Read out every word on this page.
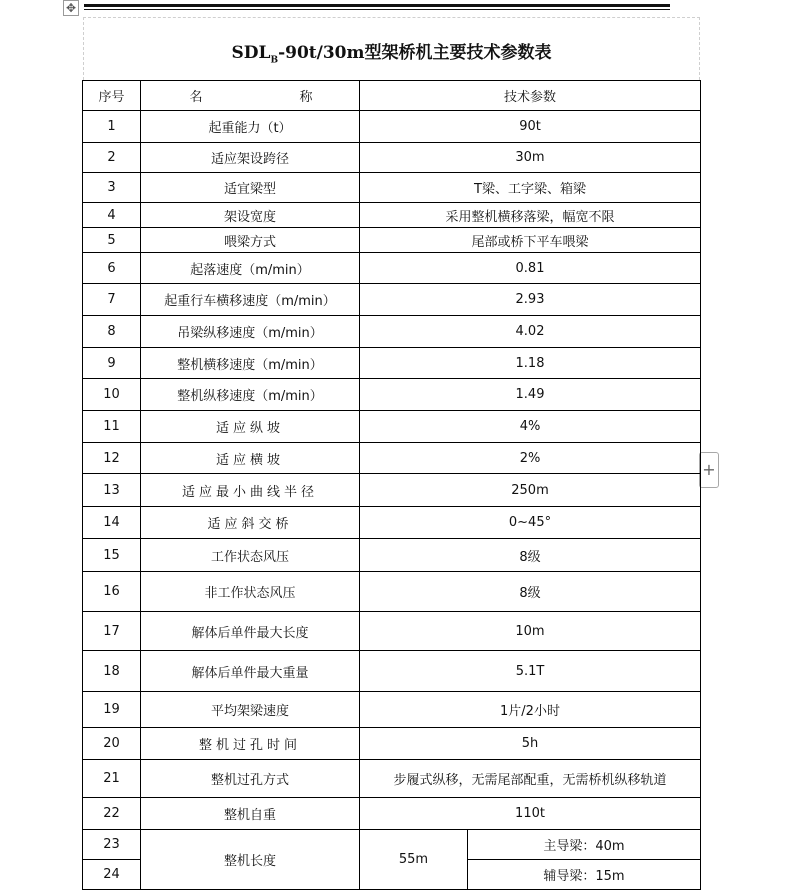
✥
$SDL_B-90t/30m$型架桥机主要技术参数表
+
序号	名 称	技术参数	
1	起重能力（t）	90t	
2	适应架设跨径	30m	
3	适宜梁型	T梁、工字梁、箱梁	
4	架设宽度	采用整机横移落梁，幅宽不限	
5	喂梁方式	尾部或桥下平车喂梁	
6	起落速度（m/min）	0.81	
7	起重行车横移速度（m/min）	2.93	
8	吊梁纵移速度（m/min）	4.02	
9	整机横移速度（m/min）	1.18	
10	整机纵移速度（m/min）	1.49	
11	适应纵坡	4%	
12	适应横坡	2%	
13	适应最小曲线半径	250m	
14	适应斜交桥	0~45°	
15	工作状态风压	8级	
16	非工作状态风压	8级	
17	解体后单件最大长度	10m	
18	解体后单件最大重量	5.1T	
19	平均架梁速度	1片/2小时	
20	整机过孔时间	5h	
21	整机过孔方式	步履式纵移，无需尾部配重，无需桥机纵移轨道	
22	整机自重	110t	
23	整机长度	55m	主导梁：40m
24			辅导梁：15m
